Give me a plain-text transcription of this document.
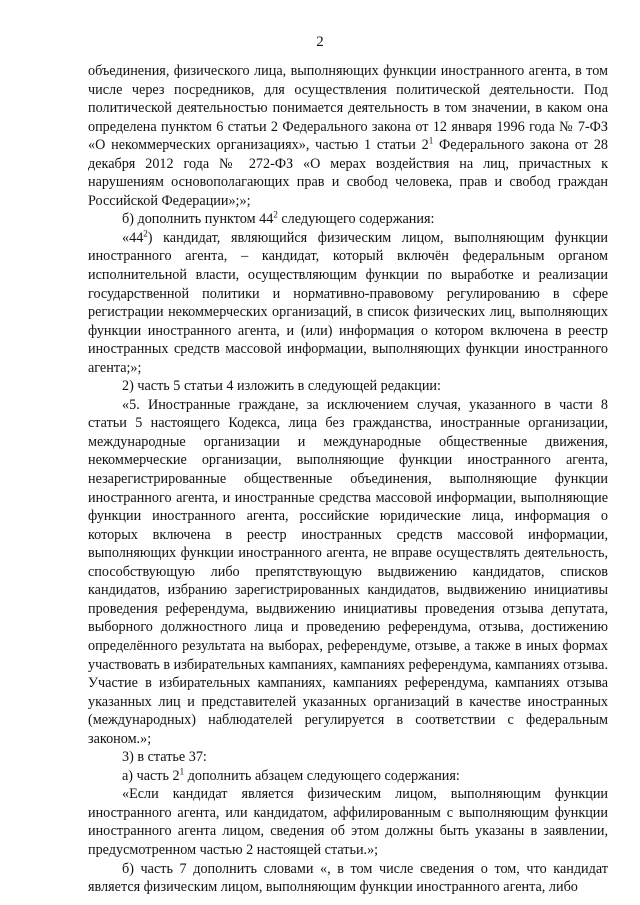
2

объединения, физического лица, выполняющих функции иностранного агента, в том числе через посредников, для осуществления политической деятельности. Под политической деятельностью понимается деятельность в том значении, в каком она определена пунктом 6 статьи 2 Федерального закона от 12 января 1996 года № 7-ФЗ «О некоммерческих организациях», частью 1 статьи $2^1$ Федерального закона от 28 декабря 2012 года № 272-ФЗ «О мерах воздействия на лиц, причастных к нарушениям основополагающих прав и свобод человека, прав и свобод граждан Российской Федерации»;»;

б) дополнить пунктом $44^2$ следующего содержания:

«$44^2$) кандидат, являющийся физическим лицом, выполняющим функции иностранного агента, – кандидат, который включён федеральным органом исполнительной власти, осуществляющим функции по выработке и реализации государственной политики и нормативно-правовому регулированию в сфере регистрации некоммерческих организаций, в список физических лиц, выполняющих функции иностранного агента, и (или) информация о котором включена в реестр иностранных средств массовой информации, выполняющих функции иностранного агента;»;

2) часть 5 статьи 4 изложить в следующей редакции:

«5. Иностранные граждане, за исключением случая, указанного в части 8 статьи 5 настоящего Кодекса, лица без гражданства, иностранные организации, международные организации и международные общественные движения, некоммерческие организации, выполняющие функции иностранного агента, незарегистрированные общественные объединения, выполняющие функции иностранного агента, и иностранные средства массовой информации, выполняющие функции иностранного агента, российские юридические лица, информация о которых включена в реестр иностранных средств массовой информации, выполняющих функции иностранного агента, не вправе осуществлять деятельность, способствующую либо препятствующую выдвижению кандидатов, списков кандидатов, избранию зарегистрированных кандидатов, выдвижению инициативы проведения референдума, выдвижению инициативы проведения отзыва депутата, выборного должностного лица и проведению референдума, отзыва, достижению определённого результата на выборах, референдуме, отзыве, а также в иных формах участвовать в избирательных кампаниях, кампаниях референдума, кампаниях отзыва. Участие в избирательных кампаниях, кампаниях референдума, кампаниях отзыва указанных лиц и представителей указанных организаций в качестве иностранных (международных) наблюдателей регулируется в соответствии с федеральным законом.»;

3) в статье 37:

а) часть $2^1$ дополнить абзацем следующего содержания:

«Если кандидат является физическим лицом, выполняющим функции иностранного агента, или кандидатом, аффилированным с выполняющим функции иностранного агента лицом, сведения об этом должны быть указаны в заявлении, предусмотренном частью 2 настоящей статьи.»;

б) часть 7 дополнить словами «, в том числе сведения о том, что кандидат является физическим лицом, выполняющим функции иностранного агента, либо
